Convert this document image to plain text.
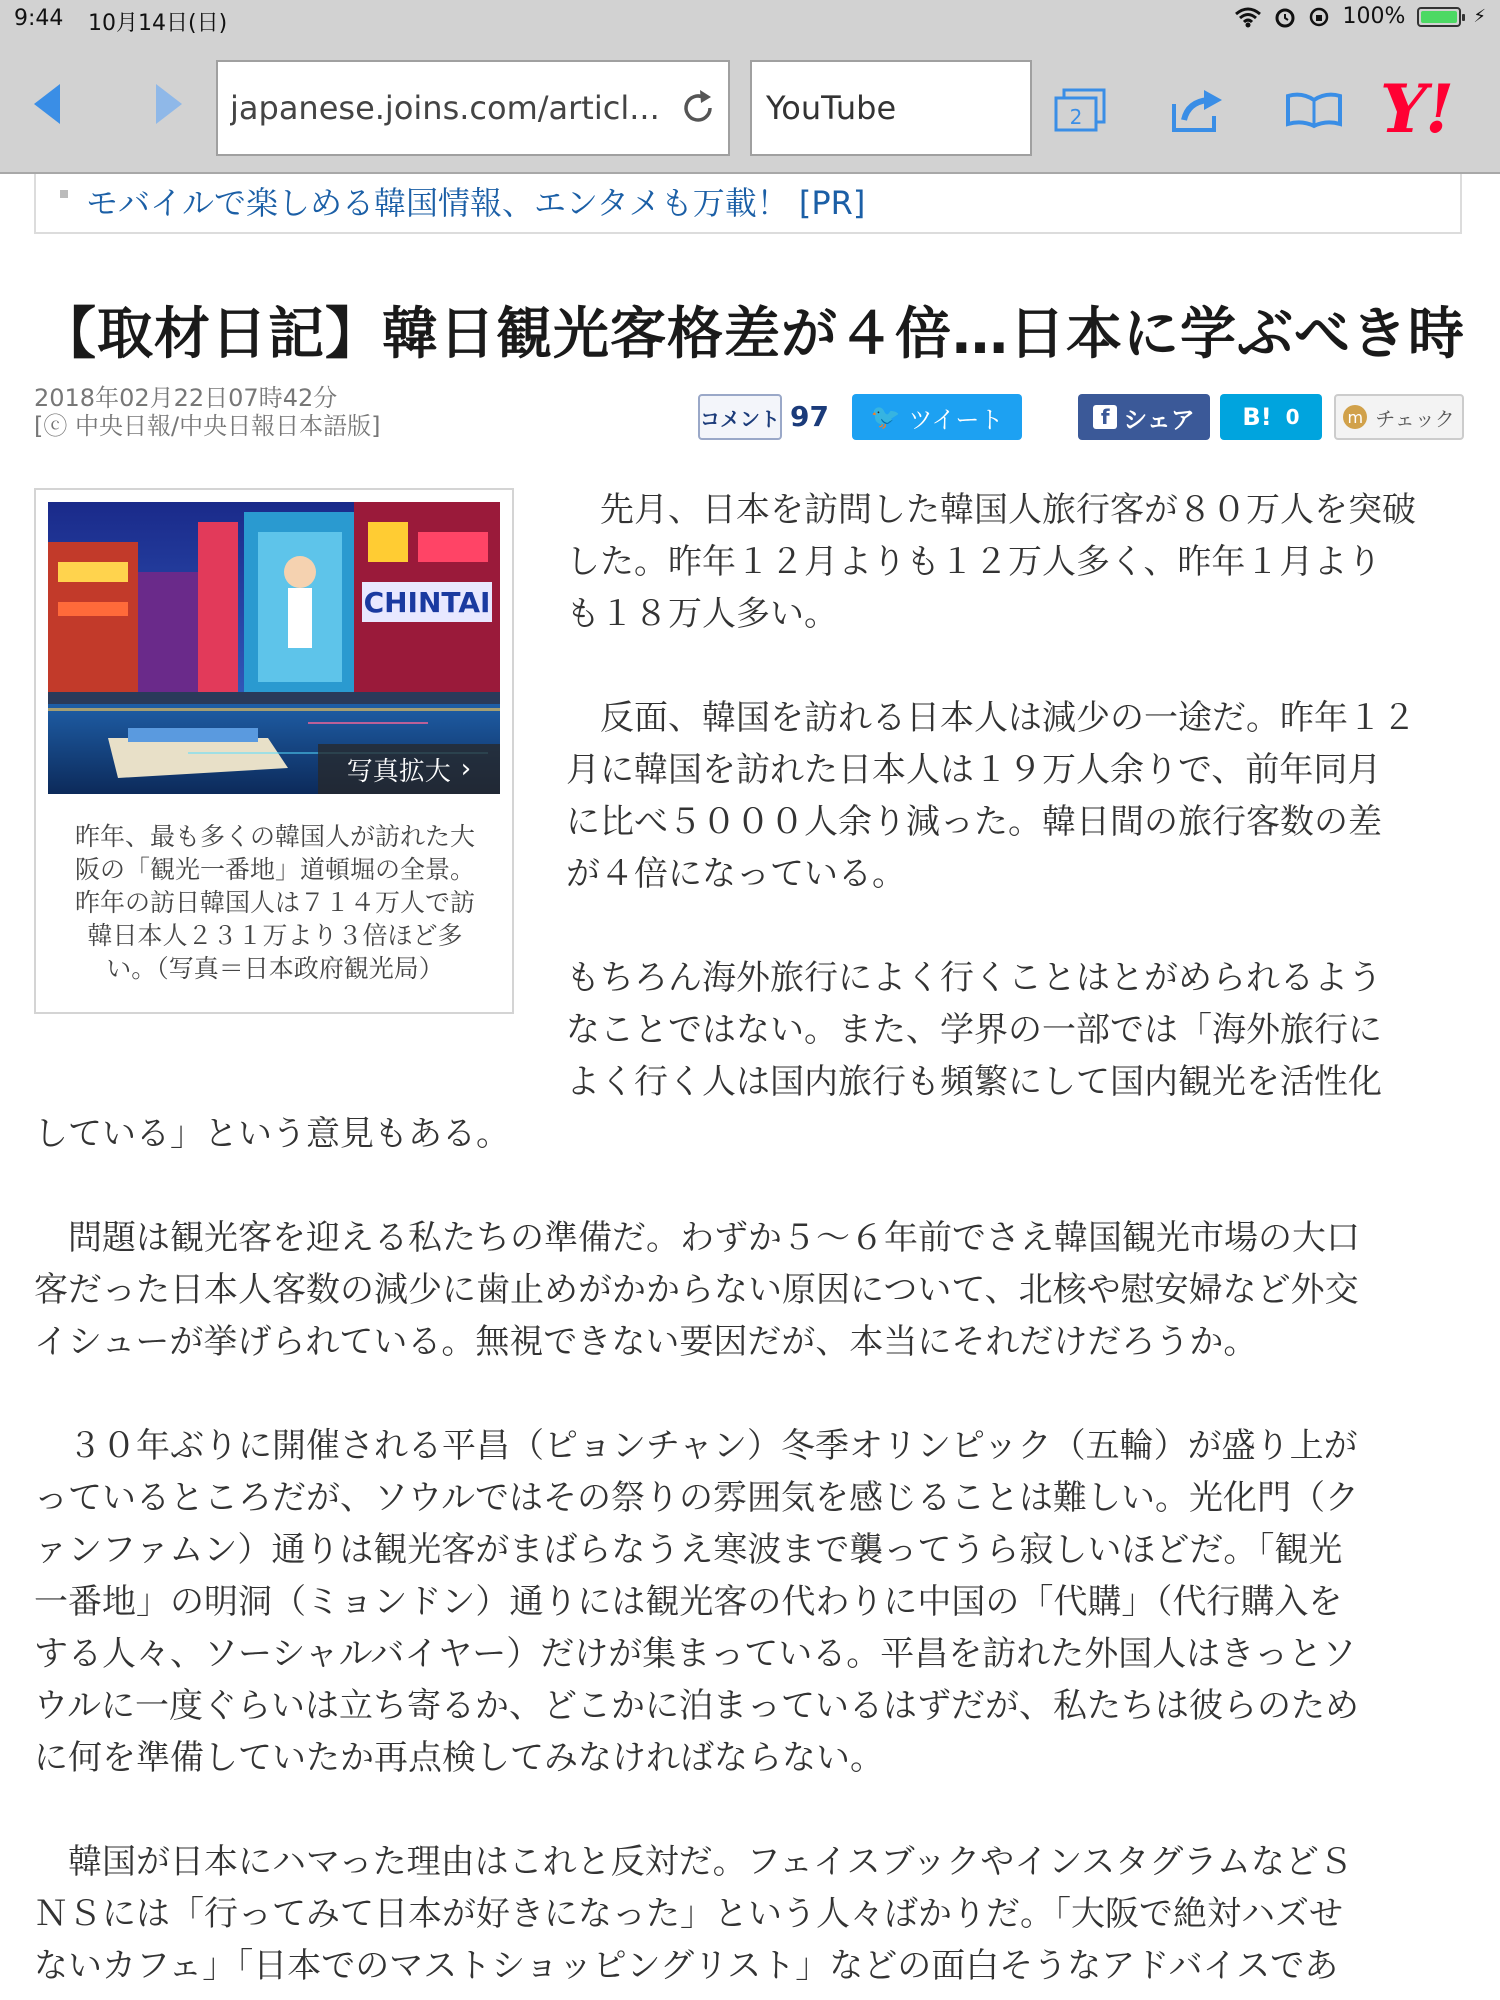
9:44 10月14日(日)	100%	⚡
japanese.joins.com/articl...	YouTube	2	Y!
モバイルで楽しめる韓国情報、エンタメも万載！ [PR]
【取材日記】韓日観光客格差が４倍…日本に学ぶべき時
2018年02月22日07時42分
[ⓒ 中央日報/中央日報日本語版]	コメント 97 🐦 ツイート	f シェア B! 0	m チェック
CHINTAI
写真拡大 ›
昨年、最も多くの韓国人が訪れた大
阪の「観光一番地」道頓堀の全景。
昨年の訪日韓国人は７１４万人で訪
韓日本人２３１万より３倍ほど多
い。（写真＝日本政府観光局）

　先月、日本を訪問した韓国人旅行客が８０万人を突破
した。昨年１２月よりも１２万人多く、昨年１月より
も１８万人多い。

　反面、韓国を訪れる日本人は減少の一途だ。昨年１２
月に韓国を訪れた日本人は１９万人余りで、前年同月
に比べ５０００人余り減った。韓日間の旅行客数の差
が４倍になっている。

もちろん海外旅行によく行くことはとがめられるよう
なことではない。また、学界の一部では「海外旅行に
よく行く人は国内旅行も頻繁にして国内観光を活性化
している」という意見もある。

　問題は観光客を迎える私たちの準備だ。わずか５～６年前でさえ韓国観光市場の大口
客だった日本人客数の減少に歯止めがかからない原因について、北核や慰安婦など外交
イシューが挙げられている。無視できない要因だが、本当にそれだけだろうか。

　３０年ぶりに開催される平昌（ピョンチャン）冬季オリンピック（五輪）が盛り上が
っているところだが、ソウルではその祭りの雰囲気を感じることは難しい。光化門（ク
ァンファムン）通りは観光客がまばらなうえ寒波まで襲ってうら寂しいほどだ。「観光
一番地」の明洞（ミョンドン）通りには観光客の代わりに中国の「代購」（代行購入を
する人々、ソーシャルバイヤー）だけが集まっている。平昌を訪れた外国人はきっとソ
ウルに一度ぐらいは立ち寄るか、どこかに泊まっているはずだが、私たちは彼らのため
に何を準備していたか再点検してみなければならない。

　韓国が日本にハマった理由はこれと反対だ。フェイスブックやインスタグラムなどＳ
ＮＳには「行ってみて日本が好きになった」という人々ばかりだ。「大阪で絶対ハズせ
ないカフェ」「日本でのマストショッピングリスト」などの面白そうなアドバイスであ
